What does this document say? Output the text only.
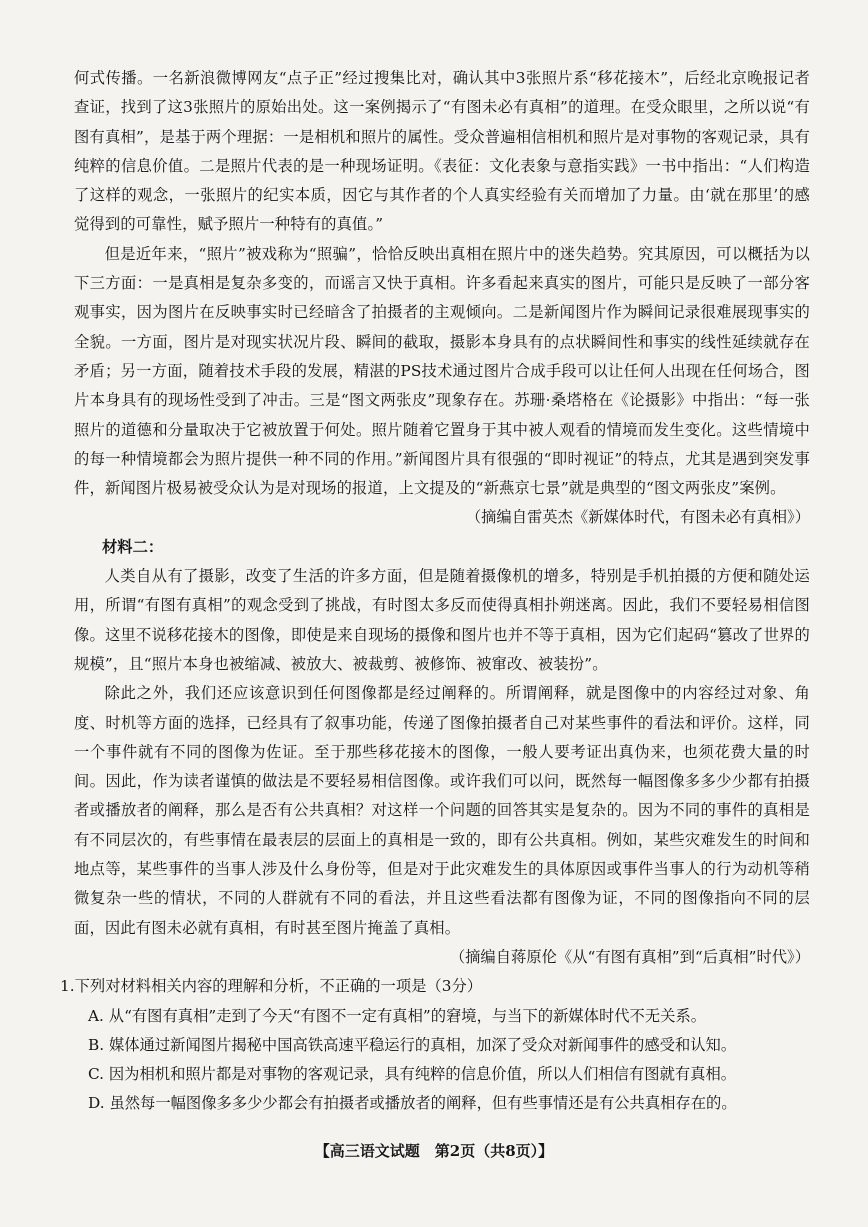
何式传播。一名新浪微博网友“点子正”经过搜集比对，确认其中3张照片系“移花接木”，后经北京晚报记者查证，找到了这3张照片的原始出处。这一案例揭示了“有图未必有真相”的道理。在受众眼里，之所以说“有图有真相”，是基于两个理据：一是相机和照片的属性。受众普遍相信相机和照片是对事物的客观记录，具有纯粹的信息价值。二是照片代表的是一种现场证明。《表征：文化表象与意指实践》一书中指出：“人们构造了这样的观念，一张照片的纪实本质，因它与其作者的个人真实经验有关而增加了力量。由‘就在那里’的感觉得到的可靠性，赋予照片一种特有的真值。”

但是近年来，“照片”被戏称为“照骗”，恰恰反映出真相在照片中的迷失趋势。究其原因，可以概括为以下三方面：一是真相是复杂多变的，而谣言又快于真相。许多看起来真实的图片，可能只是反映了一部分客观事实，因为图片在反映事实时已经暗含了拍摄者的主观倾向。二是新闻图片作为瞬间记录很难展现事实的全貌。一方面，图片是对现实状况片段、瞬间的截取，摄影本身具有的点状瞬间性和事实的线性延续就存在矛盾；另一方面，随着技术手段的发展，精湛的PS技术通过图片合成手段可以让任何人出现在任何场合，图片本身具有的现场性受到了冲击。三是“图文两张皮”现象存在。苏珊·桑塔格在《论摄影》中指出：“每一张照片的道德和分量取决于它被放置于何处。照片随着它置身于其中被人观看的情境而发生变化。这些情境中的每一种情境都会为照片提供一种不同的作用。”新闻图片具有很强的“即时视证”的特点，尤其是遇到突发事件，新闻图片极易被受众认为是对现场的报道，上文提及的“新燕京七景”就是典型的“图文两张皮”案例。

（摘编自雷英杰《新媒体时代，有图未必有真相》）

材料二：

人类自从有了摄影，改变了生活的许多方面，但是随着摄像机的增多，特别是手机拍摄的方便和随处运用，所谓“有图有真相”的观念受到了挑战，有时图太多反而使得真相扑朔迷离。因此，我们不要轻易相信图像。这里不说移花接木的图像，即使是来自现场的摄像和图片也并不等于真相，因为它们起码“篡改了世界的规模”，且“照片本身也被缩减、被放大、被裁剪、被修饰、被窜改、被装扮”。

除此之外，我们还应该意识到任何图像都是经过阐释的。所谓阐释，就是图像中的内容经过对象、角度、时机等方面的选择，已经具有了叙事功能，传递了图像拍摄者自己对某些事件的看法和评价。这样，同一个事件就有不同的图像为佐证。至于那些移花接木的图像，一般人要考证出真伪来，也须花费大量的时间。因此，作为读者谨慎的做法是不要轻易相信图像。或许我们可以问，既然每一幅图像多多少少都有拍摄者或播放者的阐释，那么是否有公共真相？对这样一个问题的回答其实是复杂的。因为不同的事件的真相是有不同层次的，有些事情在最表层的层面上的真相是一致的，即有公共真相。例如，某些灾难发生的时间和地点等，某些事件的当事人涉及什么身份等，但是对于此灾难发生的具体原因或事件当事人的行为动机等稍微复杂一些的情状，不同的人群就有不同的看法，并且这些看法都有图像为证，不同的图像指向不同的层面，因此有图未必就有真相，有时甚至图片掩盖了真相。

（摘编自蒋原伦《从“有图有真相”到“后真相”时代》）

1.下列对材料相关内容的理解和分析，不正确的一项是（3分）

A. 从“有图有真相”走到了今天“有图不一定有真相”的窘境，与当下的新媒体时代不无关系。

B. 媒体通过新闻图片揭秘中国高铁高速平稳运行的真相，加深了受众对新闻事件的感受和认知。

C. 因为相机和照片都是对事物的客观记录，具有纯粹的信息价值，所以人们相信有图就有真相。

D. 虽然每一幅图像多多少少都会有拍摄者或播放者的阐释，但有些事情还是有公共真相存在的。

【高三语文试题　第2页（共8页）】
